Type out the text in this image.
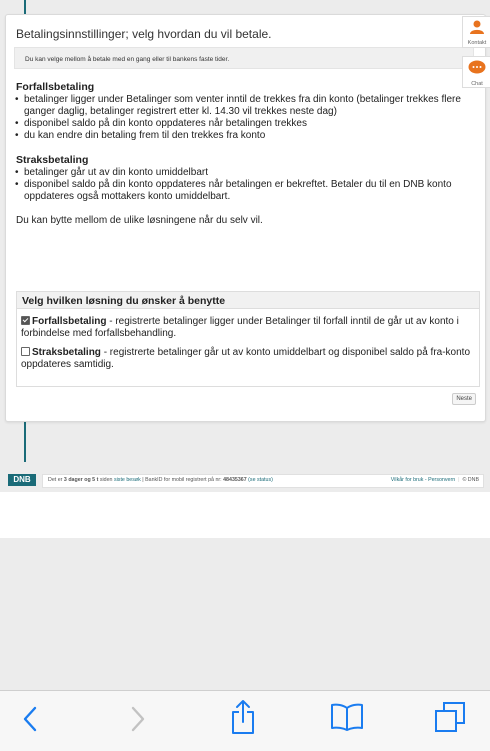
Betalingsinnstillinger; velg hvordan du vil betale.
Du kan velge mellom å betale med en gang eller til bankens faste tider.
Forfallsbetaling
• betalinger ligger under Betalinger som venter inntil de trekkes fra din konto (betalinger trekkes flere ganger daglig, betalinger registrert etter kl. 14.30 vil trekkes neste dag)
• disponibel saldo på din konto oppdateres når betalingen trekkes
• du kan endre din betaling frem til den trekkes fra konto
Straksbetaling
• betalinger går ut av din konto umiddelbart
• disponibel saldo på din konto oppdateres når betalingen er bekreftet. Betaler du til en DNB konto oppdateres også mottakers konto umiddelbart.
Du kan bytte mellom de ulike løsningene når du selv vil.
Velg hvilken løsning du ønsker å benytte
Forfallsbetaling - registrerte betalinger ligger under Betalinger til forfall inntil de går ut av konto i forbindelse med forfallsbehandling.
Straksbetaling - registrerte betalinger går ut av konto umiddelbart og disponibel saldo på fra-konto oppdateres samtidig.
Neste
Kontakt
Chat
DNB	Det er 3 dager og 5 t siden siste besøk | BankID for mobil registrert på nr: 48435367 (se status)	Vilkår for bruk - Personvern  |  © DNB
